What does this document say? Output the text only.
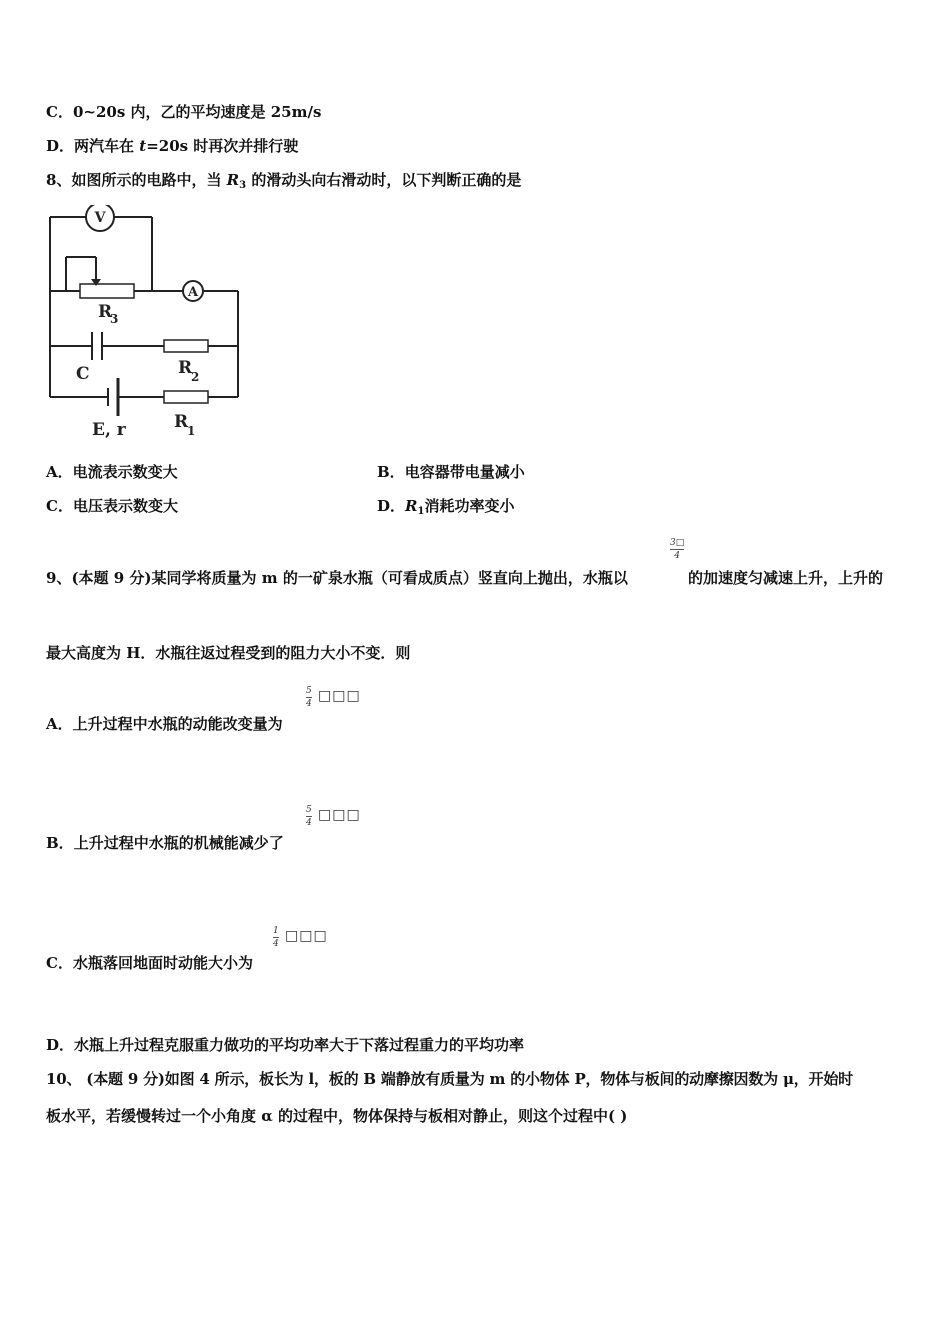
C．0~20s 内，乙的平均速度是 25m/s
D．两汽车在 t=20s 时再次并排行驶
8、如图所示的电路中，当 $R_3$ 的滑动头向右滑动时，以下判断正确的是
V
A
R
3
R
2
C
E, r	R
1
A．电流表示数变大	B．电容器带电量减小
C．电压表示数变大	D．$R_1$消耗功率变小
3□
4
9、(本题 9 分)某同学将质量为 m 的一矿泉水瓶（可看成质点）竖直向上抛出，水瓶以	的加速度匀减速上升，上升的
最大高度为 H．水瓶往返过程受到的阻力大小不变．则
5
4 □□□
A．上升过程中水瓶的动能改变量为
5
4 □□□
B．上升过程中水瓶的机械能减少了
1
4 □□□
C．水瓶落回地面时动能大小为
D．水瓶上升过程克服重力做功的平均功率大于下落过程重力的平均功率
10、 (本题 9 分)如图 4 所示，板长为 l，板的 B 端静放有质量为 m 的小物体 P，物体与板间的动摩擦因数为 μ，开始时
板水平，若缓慢转过一个小角度 α 的过程中，物体保持与板相对静止，则这个过程中( )
